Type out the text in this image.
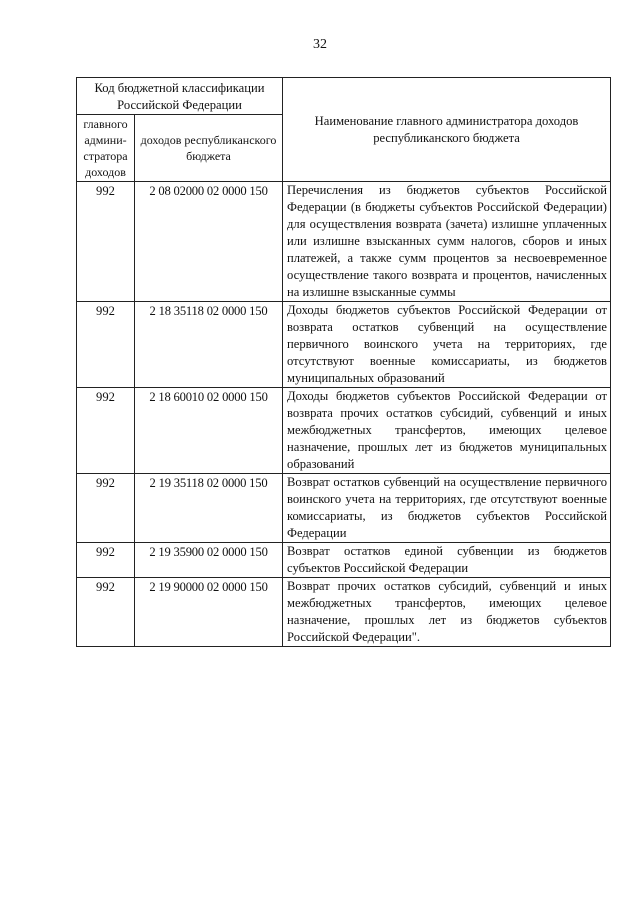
32
Код бюджетной классификации Российской Федерации		Наименование главного администратора доходов республиканского бюджета
главного админи-стратора доходов	доходов республиканского бюджета	
992	2 08 02000 02 0000 150	Перечисления из бюджетов субъектов Российской Федерации (в бюджеты субъектов Российской Федерации) для осуществления возврата (зачета) излишне уплаченных или излишне взысканных сумм налогов, сборов и иных платежей, а также сумм процентов за несвоевременное осуществление такого возврата и процентов, начисленных на излишне взысканные суммы
992	2 18 35118 02 0000 150	Доходы бюджетов субъектов Российской Федерации от возврата остатков субвенций на осуществление первичного воинского учета на территориях, где отсутствуют военные комиссариаты, из бюджетов муниципальных образований
992	2 18 60010 02 0000 150	Доходы бюджетов субъектов Российской Федерации от возврата прочих остатков субсидий, субвенций и иных межбюджетных трансфертов, имеющих целевое назначение, прошлых лет из бюджетов муниципальных образований
992	2 19 35118 02 0000 150	Возврат остатков субвенций на осуществление первичного воинского учета на территориях, где отсутствуют военные комиссариаты, из бюджетов субъектов Российской Федерации
992	2 19 35900 02 0000 150	Возврат остатков единой субвенции из бюджетов субъектов Российской Федерации
992	2 19 90000 02 0000 150	Возврат прочих остатков субсидий, субвенций и иных межбюджетных трансфертов, имеющих целевое назначение, прошлых лет из бюджетов субъектов Российской Федерации".
